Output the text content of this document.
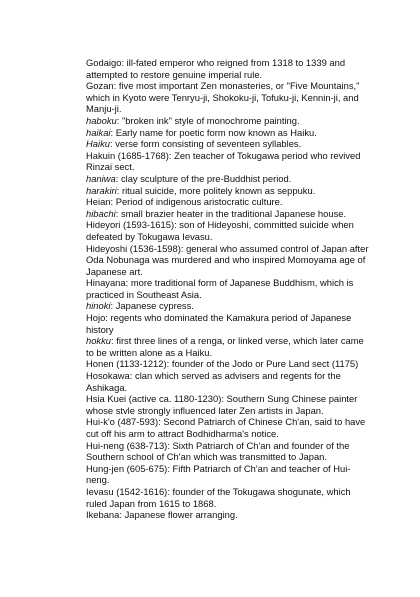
Godaigo: ill-fated emperor who reigned from 1318 to 1339 and attempted to restore genuine imperial rule.

Gozan: five most important Zen monasteries, or "Five Mountains," which in Kyoto were Tenryu-ji, Shokoku-ji, Tofuku-ji, Kennin-ji, and Manju-ji.

haboku: "broken ink" style of monochrome painting.

haikai: Early name for poetic form now known as Haiku.

Haiku: verse form consisting of seventeen syllables.

Hakuin (1685-1768): Zen teacher of Tokugawa period who revived Rinzai sect.

haniwa: clay sculpture of the pre-Buddhist period.

harakiri: ritual suicide, more politely known as seppuku.

Heian: Period of indigenous aristocratic culture.

hibachi: small brazier heater in the traditional Japanese house.

Hideyori (1593-1615): son of Hideyoshi, committed suicide when defeated by Tokugawa Ievasu.

Hideyoshi (1536-1598): general who assumed control of Japan after Oda Nobunaga was murdered and who inspired Momoyama age of Japanese art.

Hinayana: more traditional form of Japanese Buddhism, which is practiced in Southeast Asia.

hinoki: Japanese cypress.

Hojo: regents who dominated the Kamakura period of Japanese history

hokku: first three lines of a renga, or linked verse, which later came to be written alone as a Haiku.

Honen (1133-1212): founder of the Jodo or Pure Land sect (1175)

Hosokawa: clan which served as advisers and regents for the Ashikaga.

Hsia Kuei (active ca. 1180-1230): Southern Sung Chinese painter whose stvle strongly influenced later Zen artists in Japan.

Hui-k'o (487-593): Second Patriarch of Chinese Ch'an, said to have cut off his arm to attract Bodhidharma's notice.

Hui-neng (638-713): Sixth Patriarch of Ch'an and founder of the Southern school of Ch'an which was transmitted to Japan.

Hung-jen (605-675): Fifth Patriarch of Ch'an and teacher of Hui-neng.

Ievasu (1542-1616): founder of the Tokugawa shogunate, which ruled Japan from 1615 to 1868.

Ikebana: Japanese flower arranging.
